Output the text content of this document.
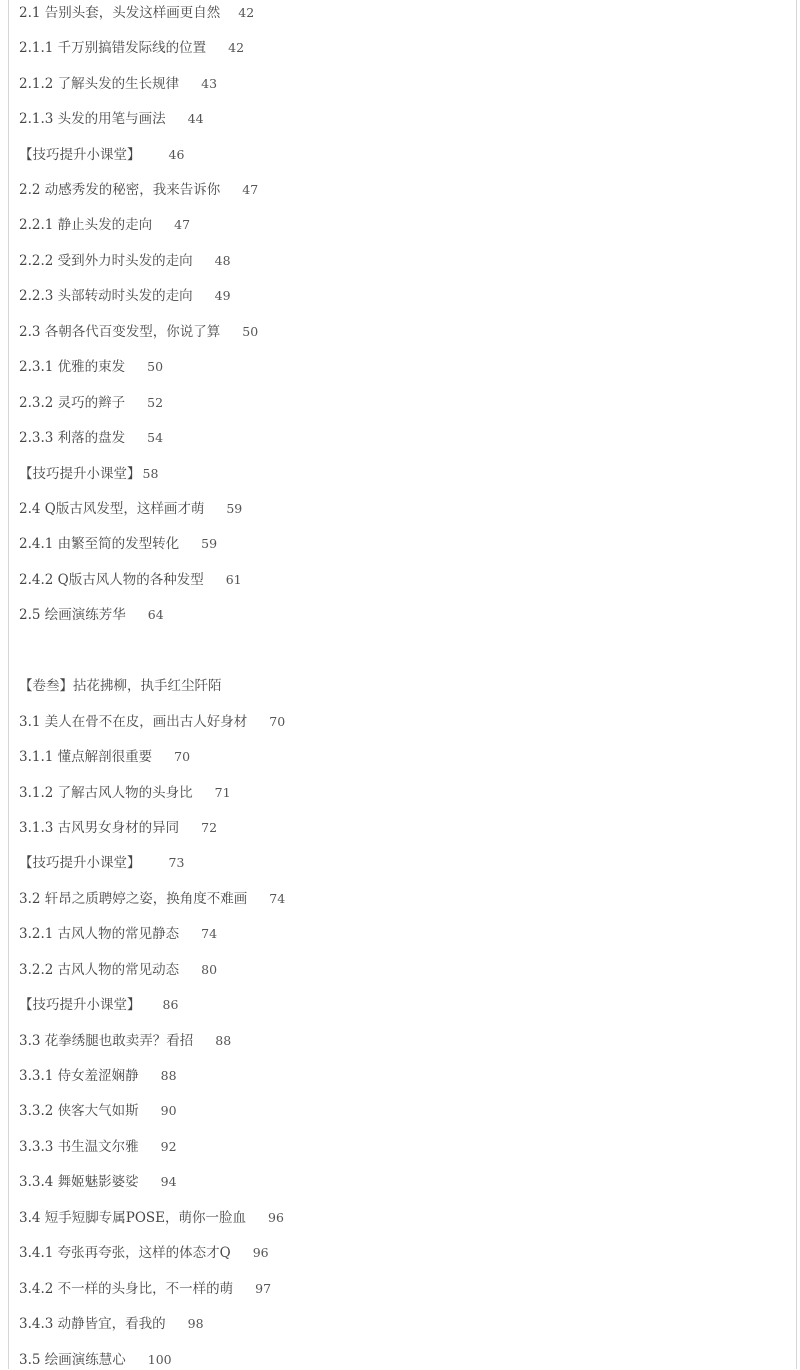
2.1 告别头套，头发这样画更自然 42
2.1.1 千万别搞错发际线的位置 42
2.1.2 了解头发的生长规律 43
2.1.3 头发的用笔与画法 44
【技巧提升小课堂】 46
2.2 动感秀发的秘密，我来告诉你 47
2.2.1 静止头发的走向 47
2.2.2 受到外力时头发的走向 48
2.2.3 头部转动时头发的走向 49
2.3 各朝各代百变发型，你说了算 50
2.3.1 优雅的束发 50
2.3.2 灵巧的辫子 52
2.3.3 利落的盘发 54
【技巧提升小课堂】 58
2.4 Q版古风发型，这样画才萌 59
2.4.1 由繁至简的发型转化 59
2.4.2 Q版古风人物的各种发型 61
2.5 绘画演练芳华 64
【卷叁】拈花拂柳，执手红尘阡陌
3.1 美人在骨不在皮，画出古人好身材 70
3.1.1 懂点解剖很重要 70
3.1.2 了解古风人物的头身比 71
3.1.3 古风男女身材的异同 72
【技巧提升小课堂】 73
3.2 轩昂之质聘婷之姿，换角度不难画 74
3.2.1 古风人物的常见静态 74
3.2.2 古风人物的常见动态 80
【技巧提升小课堂】 86
3.3 花拳绣腿也敢卖弄？看招 88
3.3.1 侍女羞涩娴静 88
3.3.2 侠客大气如斯 90
3.3.3 书生温文尔雅 92
3.3.4 舞姬魅影婆娑 94
3.4 短手短脚专属POSE，萌你一脸血 96
3.4.1 夸张再夸张，这样的体态才Q 96
3.4.2 不一样的头身比，不一样的萌 97
3.4.3 动静皆宜，看我的 98
3.5 绘画演练慧心 100
